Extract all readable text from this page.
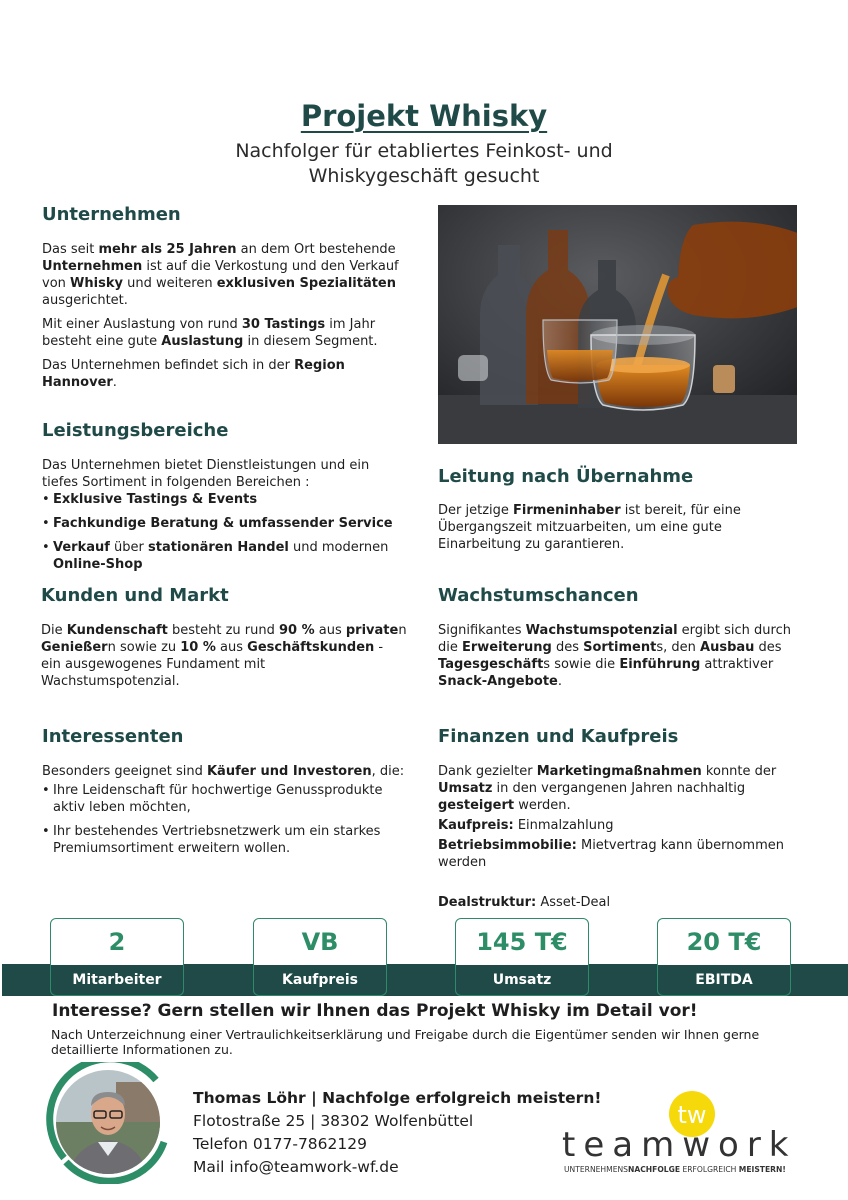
Projekt Whisky
Nachfolger für etabliertes Feinkost- und Whiskygeschäft gesucht
Unternehmen

Das seit mehr als 25 Jahren an dem Ort bestehende Unternehmen ist auf die Verkostung und den Verkauf von Whisky und weiteren exklusiven Spezialitäten ausgerichtet.

Mit einer Auslastung von rund 30 Tastings im Jahr besteht eine gute Auslastung in diesem Segment.

Das Unternehmen befindet sich in der Region Hannover.

Leistungsbereiche
Das Unternehmen bietet Dienstleistungen und ein tiefes Sortiment in folgenden Bereichen :
• Exklusive Tastings & Events
• Fachkundige Beratung & umfassender Service
• Verkauf über stationären Handel und modernen Online-Shop
Kunden und Markt
Die Kundenschaft besteht zu rund 90 % aus privaten Genießern sowie zu 10 % aus Geschäftskunden - ein ausgewogenes Fundament mit Wachstumspotenzial.
Interessenten
Besonders geeignet sind Käufer und Investoren, die:
• Ihre Leidenschaft für hochwertige Genussprodukte aktiv leben möchten,
• Ihr bestehendes Vertriebsnetzwerk um ein starkes Premiumsortiment erweitern wollen.
Leitung nach Übernahme
Der jetzige Firmeninhaber ist bereit, für eine Übergangszeit mitzuarbeiten, um eine gute Einarbeitung zu garantieren.
Wachstumschancen
Signifikantes Wachstumspotenzial ergibt sich durch die Erweiterung des Sortiments, den Ausbau des Tagesgeschäfts sowie die Einführung attraktiver Snack-Angebote.
Finanzen und Kaufpreis

Dank gezielter Marketingmaßnahmen konnte der Umsatz in den vergangenen Jahren nachhaltig gesteigert werden.

Kaufpreis: Einmalzahlung

Betriebsimmobilie: Mietvertrag kann übernommen werden

Dealstruktur: Asset-Deal
2
Mitarbeiter
VB
Kaufpreis
145 T€
Umsatz
20 T€
EBITDA
Interesse? Gern stellen wir Ihnen das Projekt Whisky im Detail vor!
Nach Unterzeichnung einer Vertraulichkeitserklärung und Freigabe durch die Eigentümer senden wir Ihnen gerne detaillierte Informationen zu.
Thomas Löhr | Nachfolge erfolgreich meistern!
Flotostraße 25 | 38302 Wolfenbüttel
Telefon 0177-7862129
Mail info@teamwork-wf.de
tw
teamwork
UNTERNEHMENSNACHFOLGE ERFOLGREICH MEISTERN!
